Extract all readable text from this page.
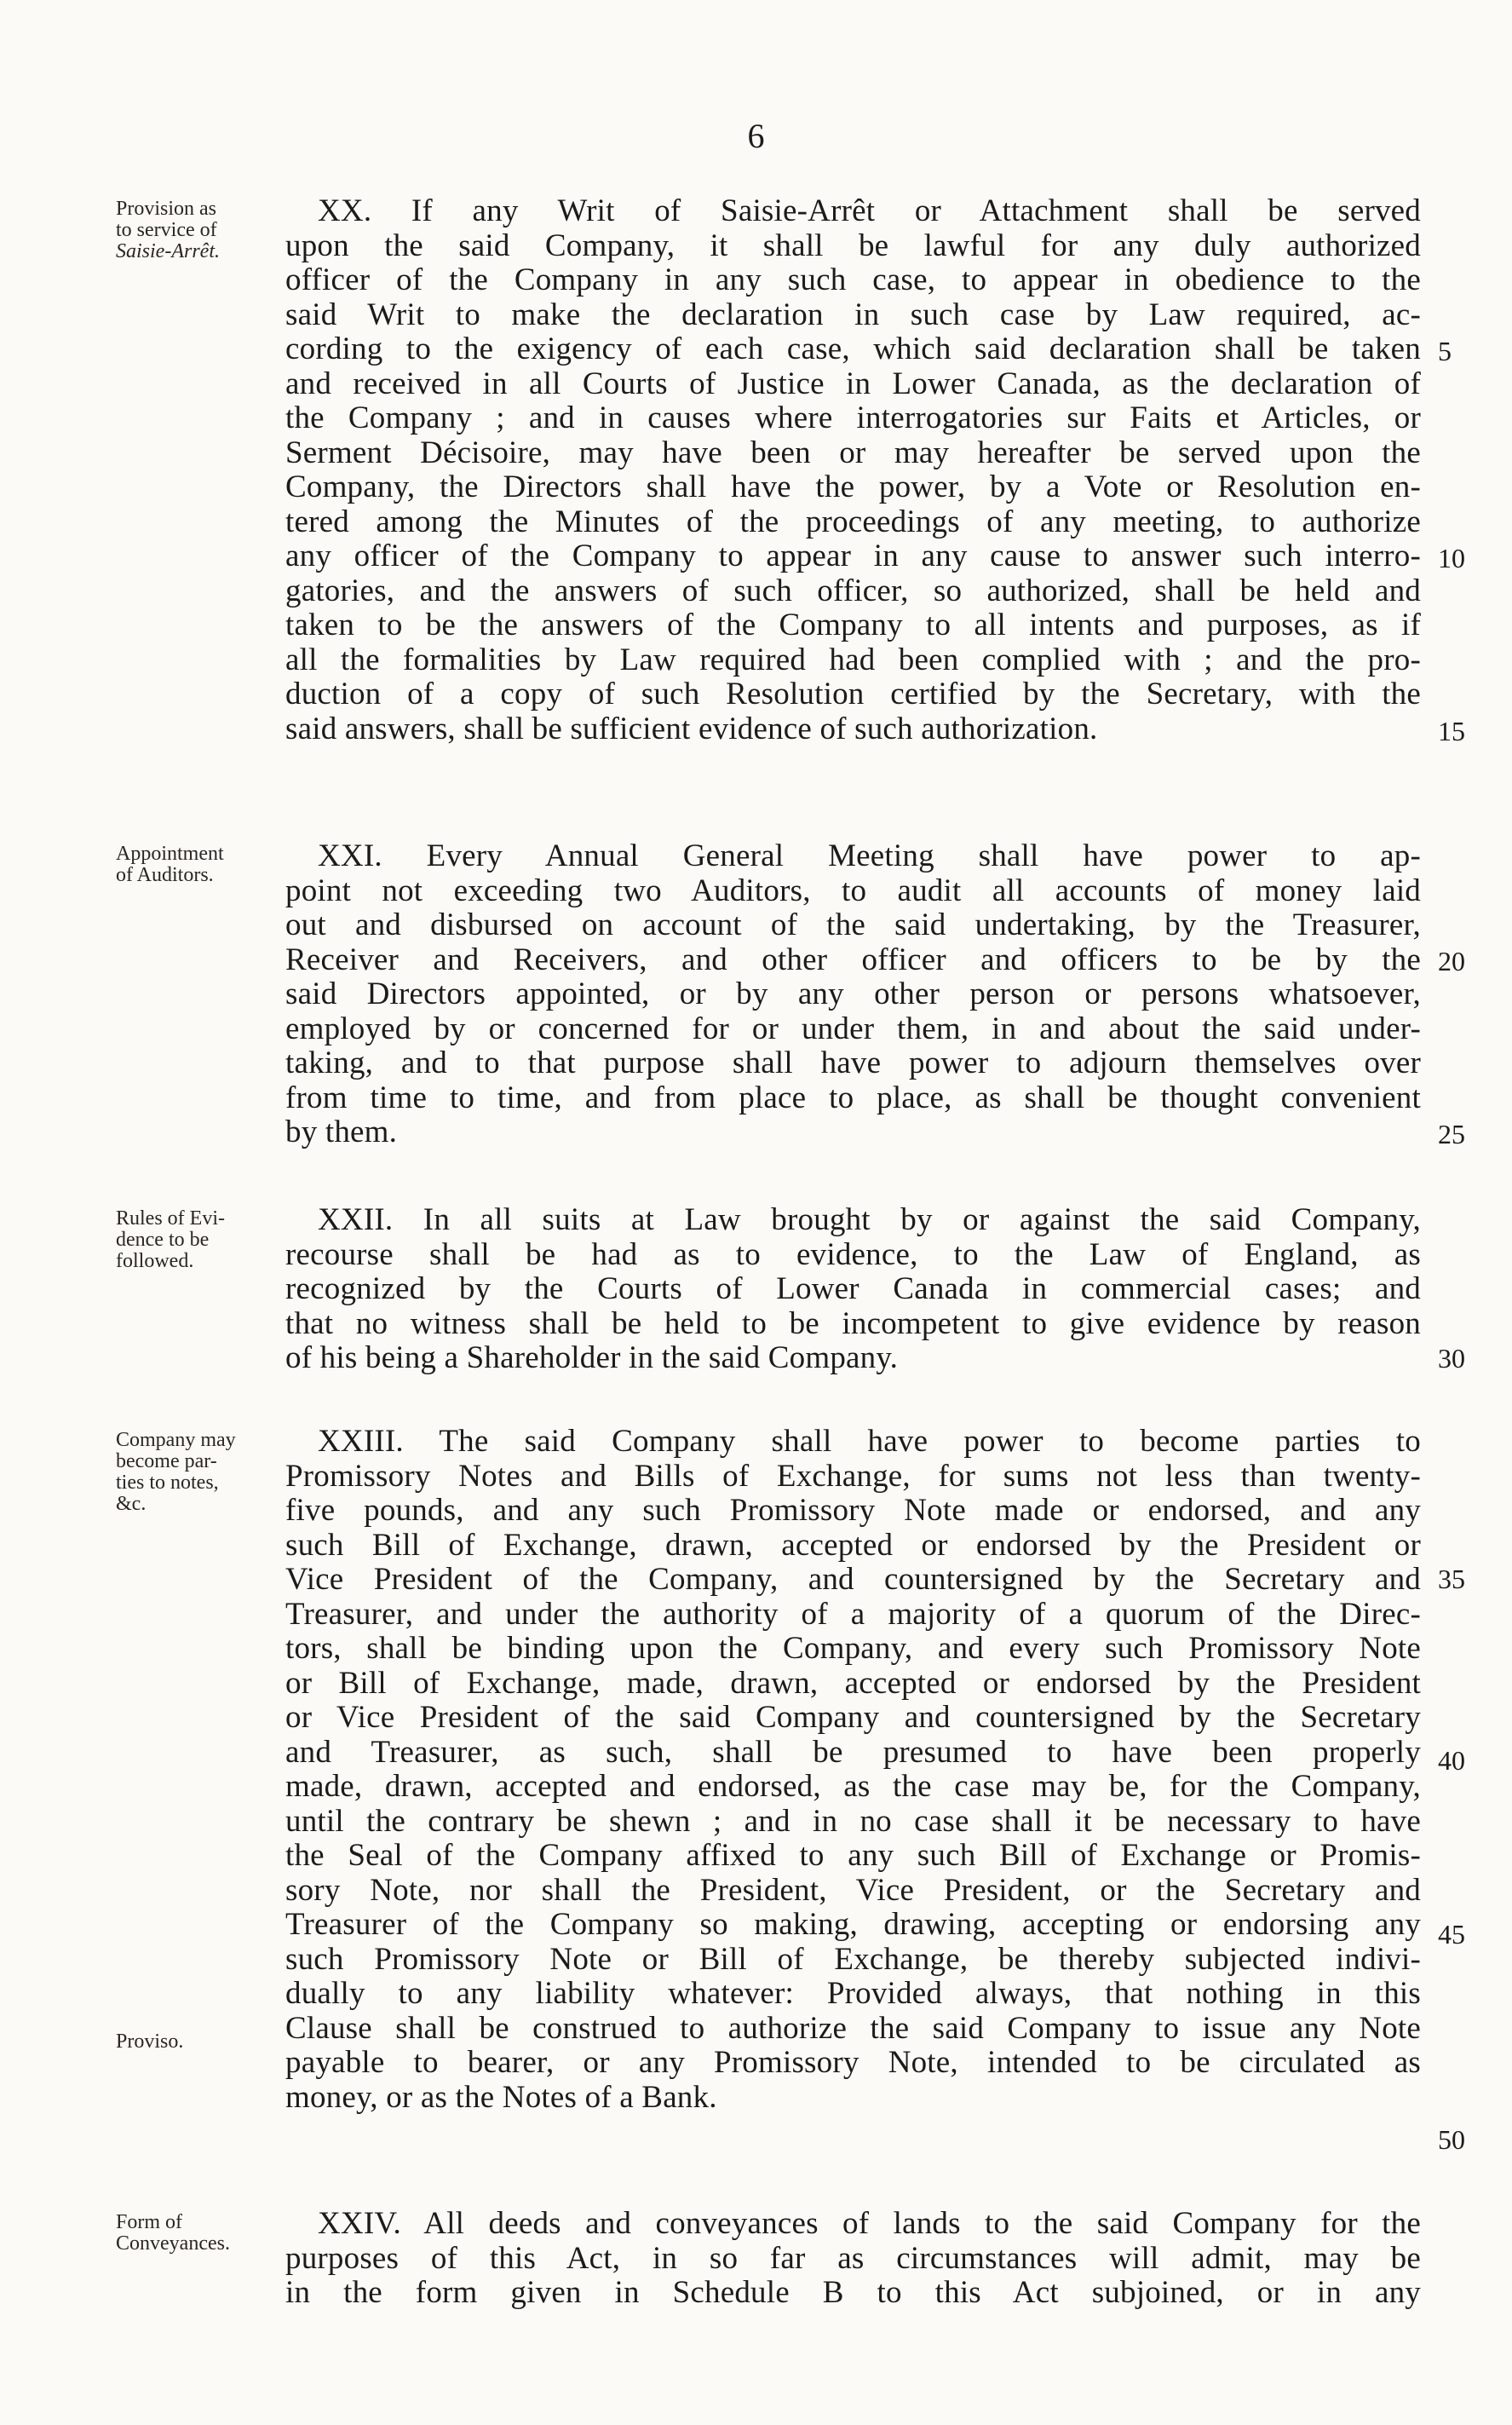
6
Provision as
to service of
Saisie-Arrêt.
XX. If any Writ of Saisie-Arrêt or Attachment shall be served
upon the said Company, it shall be lawful for any duly authorized
officer of the Company in any such case, to appear in obedience to the
said Writ to make the declaration in such case by Law required, ac-
cording to the exigency of each case, which said declaration shall be taken
and received in all Courts of Justice in Lower Canada, as the declaration of
the Company ; and in causes where interrogatories sur Faits et Articles, or
Serment Décisoire, may have been or may hereafter be served upon the
Company, the Directors shall have the power, by a Vote or Resolution en-
tered among the Minutes of the proceedings of any meeting, to authorize
any officer of the Company to appear in any cause to answer such interro-
gatories, and the answers of such officer, so authorized, shall be held and
taken to be the answers of the Company to all intents and purposes, as if
all the formalities by Law required had been complied with ; and the pro-
duction of a copy of such Resolution certified by the Secretary, with the
said answers, shall be sufficient evidence of such authorization.
Appointment
of Auditors.
XXI. Every Annual General Meeting shall have power to ap-
point not exceeding two Auditors, to audit all accounts of money laid
out and disbursed on account of the said undertaking, by the Treasurer,
Receiver and Receivers, and other officer and officers to be by the
said Directors appointed, or by any other person or persons whatsoever,
employed by or concerned for or under them, in and about the said under-
taking, and to that purpose shall have power to adjourn themselves over
from time to time, and from place to place, as shall be thought convenient
by them.
Rules of Evi-
dence to be
followed.
XXII. In all suits at Law brought by or against the said Company,
recourse shall be had as to evidence, to the Law of England, as
recognized by the Courts of Lower Canada in commercial cases; and
that no witness shall be held to be incompetent to give evidence by reason
of his being a Shareholder in the said Company.
Company may
become par-
ties to notes,
&c.
Proviso.
XXIII. The said Company shall have power to become parties to
Promissory Notes and Bills of Exchange, for sums not less than twenty-
five pounds, and any such Promissory Note made or endorsed, and any
such Bill of Exchange, drawn, accepted or endorsed by the President or
Vice President of the Company, and countersigned by the Secretary and
Treasurer, and under the authority of a majority of a quorum of the Direc-
tors, shall be binding upon the Company, and every such Promissory Note
or Bill of Exchange, made, drawn, accepted or endorsed by the President
or Vice President of the said Company and countersigned by the Secretary
and Treasurer, as such, shall be presumed to have been properly
made, drawn, accepted and endorsed, as the case may be, for the Company,
until the contrary be shewn ; and in no case shall it be necessary to have
the Seal of the Company affixed to any such Bill of Exchange or Promis-
sory Note, nor shall the President, Vice President, or the Secretary and
Treasurer of the Company so making, drawing, accepting or endorsing any
such Promissory Note or Bill of Exchange, be thereby subjected indivi-
dually to any liability whatever: Provided always, that nothing in this
Clause shall be construed to authorize the said Company to issue any Note
payable to bearer, or any Promissory Note, intended to be circulated as
money, or as the Notes of a Bank.
Form of
Conveyances.
XXIV. All deeds and conveyances of lands to the said Company for the
purposes of this Act, in so far as circumstances will admit, may be
in the form given in Schedule B to this Act subjoined, or in any
5
10
15
20
25
30
35
40
45
50
